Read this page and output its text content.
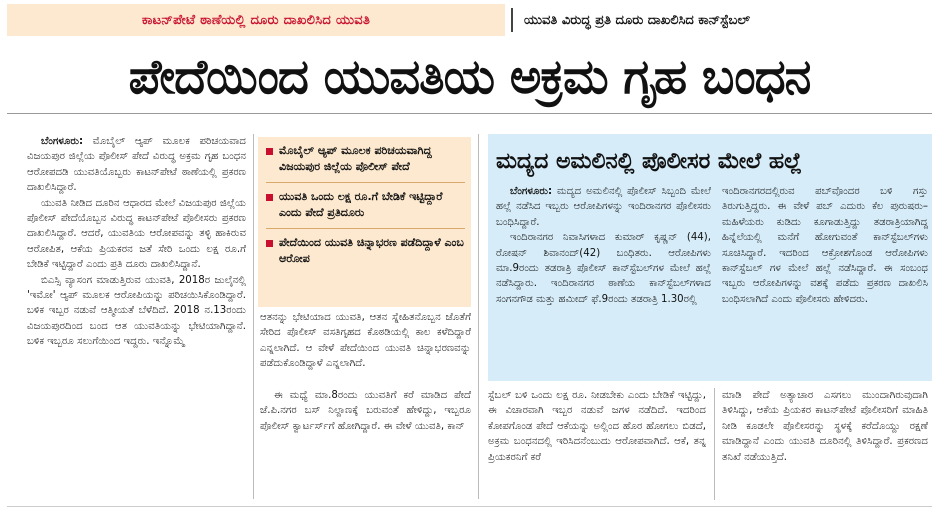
ಕಾಟನ್‌ಪೇಟೆ ಠಾಣೆಯಲ್ಲಿ ದೂರು ದಾಖಲಿಸಿದ ಯುವತಿ	ಯುವತಿ ವಿರುದ್ಧ ಪ್ರತಿ ದೂರು ದಾಖಲಿಸಿದ ಕಾನ್‌ಸ್ಟೆಬಲ್
ಪೇದೆಯಿಂದ ಯುವತಿಯ ಅಕ್ರಮ ಗೃಹ ಬಂಧನ

ಬೆಂಗಳೂರು: ಮೊಬೈಲ್ ಆ್ಯಪ್ ಮೂಲಕ ಪರಿಚಯವಾದ ವಿಜಯಪುರ ಜಿಲ್ಲೆಯ ಪೊಲೀಸ್ ಪೇದೆ ವಿರುದ್ಧ ಅಕ್ರಮ ಗೃಹ ಬಂಧನ ಆರೋಪದಡಿ ಯುವತಿಯೊಬ್ಬರು ಕಾಟನ್‌ಪೇಟೆ ಠಾಣೆಯಲ್ಲಿ ಪ್ರಕರಣ ದಾಖಲಿಸಿದ್ದಾರೆ.

ಯುವತಿ ನೀಡಿದ ದೂರಿನ ಆಧಾರದ ಮೇಲೆ ವಿಜಯಪುರ ಜಿಲ್ಲೆಯ ಪೊಲೀಸ್ ಪೇದೆಯೊಬ್ಬನ ವಿರುದ್ಧ ಕಾಟನ್‌ಪೇಟೆ ಪೊಲೀಸರು ಪ್ರಕರಣ ದಾಖಲಿಸಿದ್ದಾರೆ. ಆದರೆ, ಯುವತಿಯ ಆರೋಪವನ್ನು ತಳ್ಳಿ ಹಾಕಿರುವ ಆರೋಪಿತ, ಆಕೆಯ ಪ್ರಿಯಕರನ ಜತೆ ಸೇರಿ ಒಂದು ಲಕ್ಷ ರೂ.ಗೆ ಬೇಡಿಕೆ ಇಟ್ಟಿದ್ದಾರೆ ಎಂದು ಪ್ರತಿ ದೂರು ದಾಖಲಿಸಿದ್ದಾನೆ.

ಬಿಎಸ್ಸಿ ವ್ಯಾಸಂಗ ಮಾಡುತ್ತಿರುವ ಯುವತಿ, 2018ರ ಜುಲೈನಲ್ಲಿ 'ಇಮೋ' ಆ್ಯಪ್ ಮೂಲಕ ಆರೋಪಿಯನ್ನು ಪರಿಚಯಿಸಿಕೊಂಡಿದ್ದಾರೆ. ಬಳಿಕ ಇಬ್ಬರ ನಡುವೆ ಆತ್ಮೀಯತೆ ಬೆಳೆದಿದೆ. 2018 ನ.13ರಂದು ವಿಜಯಪುರದಿಂದ ಬಂದ ಆತ ಯುವತಿಯನ್ನು ಭೇಟಿಯಾಗಿದ್ದಾನೆ. ಬಳಿಕ ಇಬ್ಬರೂ ಸಲುಗೆಯಿಂದ ಇದ್ದರು. ಇನ್ನೊಮ್ಮೆ

ಮೊಬೈಲ್ ಆ್ಯಪ್ ಮೂಲಕ ಪರಿಚಯವಾಗಿದ್ದ ವಿಜಯಪುರ ಜಿಲ್ಲೆಯ ಪೊಲೀಸ್ ಪೇದೆ
ಯುವತಿ ಒಂದು ಲಕ್ಷ ರೂ.ಗೆ ಬೇಡಿಕೆ ಇಟ್ಟಿದ್ದಾರೆ ಎಂದು ಪೇದೆ ಪ್ರತಿದೂರು
ಪೇದೆಯಿಂದ ಯುವತಿ ಚಿನ್ನಾಭರಣ ಪಡೆದಿದ್ದಾಳೆ ಎಂಬ ಆರೋಪ

ಆತನನ್ನು ಭೇಟಿಯಾದ ಯುವತಿ, ಆತನ ಸ್ನೇಹಿತನೊಬ್ಬನ ಜೊತೆಗೆ ಸೇರಿದ ಪೊಲೀಸ್ ವಸತಿಗೃಹದ ಕೊಠಡಿಯಲ್ಲಿ ಕಾಲ ಕಳೆದಿದ್ದಾರೆ ಎನ್ನಲಾಗಿದೆ. ಆ ವೇಳೆ ಪೇದೆಯಿಂದ ಯುವತಿ ಚಿನ್ನಾಭರಣವನ್ನು ಪಡೆದುಕೊಂಡಿದ್ದಾಳೆ ಎನ್ನಲಾಗಿದೆ.

ಮದ್ಯದ ಅಮಲಿನಲ್ಲಿ ಪೊಲೀಸರ ಮೇಲೆ ಹಲ್ಲೆ

ಬೆಂಗಳೂರು: ಮದ್ಯದ ಅಮಲಿನಲ್ಲಿ ಪೊಲೀಸ್ ಸಿಬ್ಬಂದಿ ಮೇಲೆ ಹಲ್ಲೆ ನಡೆಸಿದ ಇಬ್ಬರು ಆರೋಪಿಗಳನ್ನು ಇಂದಿರಾನಗರ ಪೊಲೀಸರು ಬಂಧಿಸಿದ್ದಾರೆ.

ಇಂದಿರಾನಗರ ನಿವಾಸಿಗಳಾದ ಕುಮಾರ್ ಕೃಷ್ಣನ್ (44), ರೋಷನ್ ಶಿವಾನಂದ್(42) ಬಂಧಿತರು. ಆರೋಪಿಗಳು ಮಾ.9ರಂದು ತಡರಾತ್ರಿ ಪೊಲೀಸ್ ಕಾನ್‌ಸ್ಟೆಬಲ್‌ಗಳ ಮೇಲೆ ಹಲ್ಲೆ ನಡೆಸಿದ್ದಾರು. ಇಂದಿರಾನಗರ ಠಾಣೆಯ ಕಾನ್‌ಸ್ಟೆಬಲ್‌ಗಳಾದ ಸಂಗನಗೌಡ ಮತ್ತು ಹಮೀದ್ ಫೆ.9ರಂದು ತಡರಾತ್ರಿ 1.30ರಲ್ಲಿ

ಇಂದಿರಾನಗರದಲ್ಲಿರುವ ಪಬ್‌ವೊಂದರ ಬಳಿ ಗಸ್ತು ತಿರುಗುತ್ತಿದ್ದರು. ಈ ವೇಳೆ ಪಬ್ ಎದುರು ಕೆಲ ಪುರುಷರು–ಮಹಿಳೆಯರು ಕುಡಿದು ಕೂಗಾಡುತ್ತಿದ್ದು ತಡರಾತ್ರಿಯಾಗಿದ್ದ ಹಿನ್ನೆಲೆಯಲ್ಲಿ ಮನೆಗೆ ಹೋಗುವಂತೆ ಕಾನ್‌ಸ್ಟೆಬಲ್‌ಗಳು ಸೂಚಿಸಿದ್ದಾರೆ. ಇದರಿಂದ ಆಕ್ರೋಶಗೊಂಡ ಆರೋಪಿಗಳು ಕಾನ್‌ಸ್ಟೆಬಲ್ ಗಳ ಮೇಲೆ ಹಲ್ಲೆ ನಡೆಸಿದ್ದಾರೆ. ಈ ಸಂಬಂಧ ಇಬ್ಬರು ಆರೋಪಿಗಳನ್ನು ವಶಕ್ಕೆ ಪಡೆದು ಪ್ರಕರಣ ದಾಖಲಿಸಿ ಬಂಧಿಸಲಾಗಿದೆ ಎಂದು ಪೊಲೀಸರು ಹೇಳಿದರು.

ಈ ಮಧ್ಯೆ ಮಾ.8ರಂದು ಯುವತಿಗೆ ಕರೆ ಮಾಡಿದ ಪೇದೆ ಜೆ.ಪಿ.ನಗರ ಬಸ್ ನಿಲ್ದಾಣಕ್ಕೆ ಬರುವಂತೆ ಹೇಳಿದ್ದು, ಇಬ್ಬರೂ ಪೊಲೀಸ್ ಕ್ವಾರ್ಟರ್ಸ್‌ಗೆ ಹೋಗಿದ್ದಾರೆ. ಈ ವೇಳೆ ಯುವತಿ, ಕಾನ್‌

ಸ್ಟೆಬಲ್ ಬಳಿ ಒಂದು ಲಕ್ಷ ರೂ. ನೀಡಬೇಕು ಎಂದು ಬೇಡಿಕೆ ಇಟ್ಟಿದ್ದು, ಈ ವಿಚಾರವಾಗಿ ಇಬ್ಬರ ನಡುವೆ ಜಗಳ ನಡೆದಿದೆ. ಇದರಿಂದ ಕೋಪಗೊಂಡ ಪೇದೆ ಆಕೆಯನ್ನು ಅಲ್ಲಿಂದ ಹೊರ ಹೋಗಲು ಬಿಡದೆ, ಅಕ್ರಮ ಬಂಧನದಲ್ಲಿ ಇರಿಸಿದನೆಂಬುದು ಆರೋಪವಾಗಿದೆ. ಆಕೆ, ತನ್ನ ಪ್ರಿಯಕರನಿಗೆ ಕರೆ

ಮಾಡಿ ಪೇದೆ ಅತ್ಯಾಚಾರ ಎಸಗಲು ಮುಂದಾಗಿರುವುದಾಗಿ ತಿಳಿಸಿದ್ದು, ಆಕೆಯ ಪ್ರಿಯಕರ ಕಾಟನ್‌ಪೇಟೆ ಪೊಲೀಸರಿಗೆ ಮಾಹಿತಿ ನೀಡಿ ಕೂಡಲೇ ಪೊಲೀಸರನ್ನು ಸ್ಥಳಕ್ಕೆ ಕರೆದೊಯ್ದು ರಕ್ಷಣೆ ಮಾಡಿದ್ದಾನೆ ಎಂದು ಯುವತಿ ದೂರಿನಲ್ಲಿ ತಿಳಿಸಿದ್ದಾರೆ. ಪ್ರಕರಣದ ತನಿಖೆ ನಡೆಯುತ್ತಿದೆ.
